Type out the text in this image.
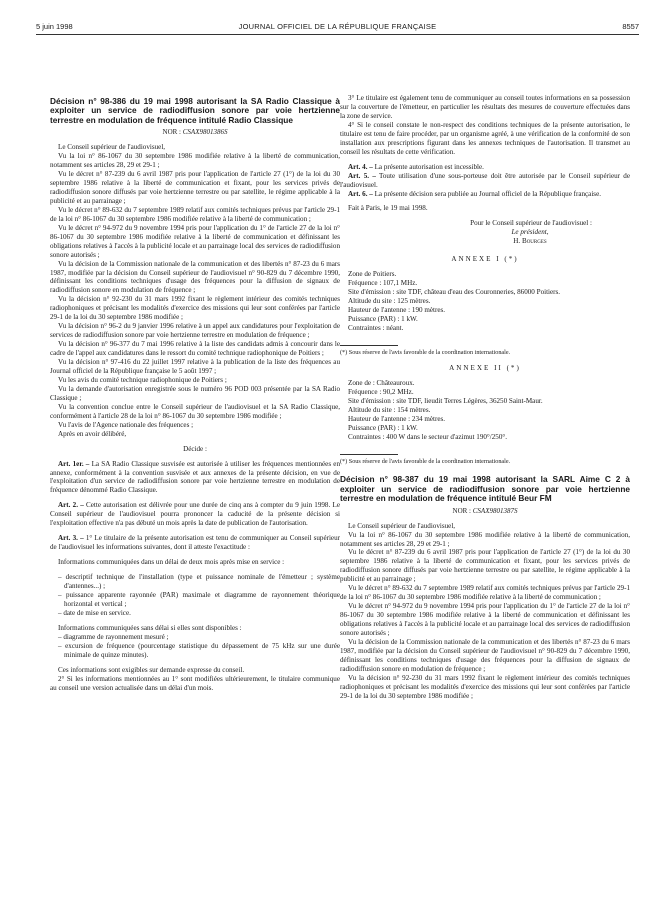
5 juin 1998	JOURNAL OFFICIEL DE LA RÉPUBLIQUE FRANÇAISE	8557

Décision n° 98-386 du 19 mai 1998 autorisant la SA Radio Classique à exploiter un service de radiodiffusion sonore par voie hertzienne terrestre en modulation de fréquence intitulé Radio Classique

NOR : CSAX9801386S

Le Conseil supérieur de l'audiovisuel,

Vu la loi n° 86-1067 du 30 septembre 1986 modifiée relative à la liberté de communication, notamment ses articles 28, 29 et 29-1 ;

Vu le décret n° 87-239 du 6 avril 1987 pris pour l'application de l'article 27 (1°) de la loi du 30 septembre 1986 relative à la liberté de communication et fixant, pour les services privés de radiodiffusion sonore diffusés par voie hertzienne terrestre ou par satellite, le régime applicable à la publicité et au parrainage ;

Vu le décret n° 89-632 du 7 septembre 1989 relatif aux comités techniques prévus par l'article 29-1 de la loi n° 86-1067 du 30 septembre 1986 modifiée relative à la liberté de communication ;

Vu le décret n° 94-972 du 9 novembre 1994 pris pour l'application du 1° de l'article 27 de la loi n° 86-1067 du 30 septembre 1986 modifiée relative à la liberté de communication et définissant les obligations relatives à l'accès à la publicité locale et au parrainage local des services de radiodiffusion sonore autorisés ;

Vu la décision de la Commission nationale de la communication et des libertés n° 87-23 du 6 mars 1987, modifiée par la décision du Conseil supérieur de l'audiovisuel n° 90-829 du 7 décembre 1990, définissant les conditions techniques d'usage des fréquences pour la diffusion de signaux de radiodiffusion sonore en modulation de fréquence ;

Vu la décision n° 92-230 du 31 mars 1992 fixant le règlement intérieur des comités techniques radiophoniques et précisant les modalités d'exercice des missions qui leur sont conférées par l'article 29-1 de la loi du 30 septembre 1986 modifiée ;

Vu la décision n° 96-2 du 9 janvier 1996 relative à un appel aux candidatures pour l'exploitation de services de radiodiffusion sonore par voie hertzienne terrestre en modulation de fréquence ;

Vu la décision n° 96-377 du 7 mai 1996 relative à la liste des candidats admis à concourir dans le cadre de l'appel aux candidatures dans le ressort du comité technique radiophonique de Poitiers ;

Vu la décision n° 97-416 du 22 juillet 1997 relative à la publication de la liste des fréquences au Journal officiel de la République française le 5 août 1997 ;

Vu les avis du comité technique radiophonique de Poitiers ;

Vu la demande d'autorisation enregistrée sous le numéro 96 POD 003 présentée par la SA Radio Classique ;

Vu la convention conclue entre le Conseil supérieur de l'audiovisuel et la SA Radio Classique, conformément à l'article 28 de la loi n° 86-1067 du 30 septembre 1986 modifiée ;

Vu l'avis de l'Agence nationale des fréquences ;

Après en avoir délibéré,

Décide :

Art. 1er. – La SA Radio Classique susvisée est autorisée à utiliser les fréquences mentionnées en annexe, conformément à la convention susvisée et aux annexes de la présente décision, en vue de l'exploitation d'un service de radiodiffusion sonore par voie hertzienne terrestre en modulation de fréquence dénommé Radio Classique.

Art. 2. – Cette autorisation est délivrée pour une durée de cinq ans à compter du 9 juin 1998. Le Conseil supérieur de l'audiovisuel pourra prononcer la caducité de la présente décision si l'exploitation effective n'a pas débuté un mois après la date de publication de l'autorisation.

Art. 3. – 1° Le titulaire de la présente autorisation est tenu de communiquer au Conseil supérieur de l'audiovisuel les informations suivantes, dont il atteste l'exactitude :

Informations communiquées dans un délai de deux mois après mise en service :

– descriptif technique de l'installation (type et puissance nominale de l'émetteur ; système d'antennes...) ;

– puissance apparente rayonnée (PAR) maximale et diagramme de rayonnement théorique horizontal et vertical ;

– date de mise en service.

Informations communiquées sans délai si elles sont disponibles :

– diagramme de rayonnement mesuré ;

– excursion de fréquence (pourcentage statistique du dépassement de 75 kHz sur une durée minimale de quinze minutes).

Ces informations sont exigibles sur demande expresse du conseil.

2° Si les informations mentionnées au 1° sont modifiées ultérieurement, le titulaire communique au conseil une version actualisée dans un délai d'un mois.

3° Le titulaire est également tenu de communiquer au conseil toutes informations en sa possession sur la couverture de l'émetteur, en particulier les résultats des mesures de couverture effectuées dans la zone de service.

4° Si le conseil constate le non-respect des conditions techniques de la présente autorisation, le titulaire est tenu de faire procéder, par un organisme agréé, à une vérification de la conformité de son installation aux prescriptions figurant dans les annexes techniques de l'autorisation. Il transmet au conseil les résultats de cette vérification.

Art. 4. – La présente autorisation est incessible.

Art. 5. – Toute utilisation d'une sous-porteuse doit être autorisée par le Conseil supérieur de l'audiovisuel.

Art. 6. – La présente décision sera publiée au Journal officiel de la République française.

Fait à Paris, le 19 mai 1998.

Pour le Conseil supérieur de l'audiovisuel :

Le président,

H. Bourges

ANNEXE I (*)

Zone de Poitiers.

Fréquence : 107,1 MHz.

Site d'émission : site TDF, château d'eau des Couronneries, 86000 Poitiers.

Altitude du site : 125 mètres.

Hauteur de l'antenne : 190 mètres.

Puissance (PAR) : 1 kW.

Contraintes : néant.

(*) Sous réserve de l'avis favorable de la coordination internationale.

ANNEXE II (*)

Zone de : Châteauroux.

Fréquence : 90,2 MHz.

Site d'émission : site TDF, lieudit Terres Légères, 36250 Saint-Maur.

Altitude du site : 154 mètres.

Hauteur de l'antenne : 234 mètres.

Puissance (PAR) : 1 kW.

Contraintes : 400 W dans le secteur d'azimut 190°/250°.

(*) Sous réserve de l'avis favorable de la coordination internationale.

Décision n° 98-387 du 19 mai 1998 autorisant la SARL Aime C 2 à exploiter un service de radiodiffusion sonore par voie hertzienne terrestre en modulation de fréquence intitulé Beur FM

NOR : CSAX9801387S

Le Conseil supérieur de l'audiovisuel,

Vu la loi n° 86-1067 du 30 septembre 1986 modifiée relative à la liberté de communication, notamment ses articles 28, 29 et 29-1 ;

Vu le décret n° 87-239 du 6 avril 1987 pris pour l'application de l'article 27 (1°) de la loi du 30 septembre 1986 relative à la liberté de communication et fixant, pour les services privés de radiodiffusion sonore diffusés par voie hertzienne terrestre ou par satellite, le régime applicable à la publicité et au parrainage ;

Vu le décret n° 89-632 du 7 septembre 1989 relatif aux comités techniques prévus par l'article 29-1 de la loi n° 86-1067 du 30 septembre 1986 modifiée relative à la liberté de communication ;

Vu le décret n° 94-972 du 9 novembre 1994 pris pour l'application du 1° de l'article 27 de la loi n° 86-1067 du 30 septembre 1986 modifiée relative à la liberté de communication et définissant les obligations relatives à l'accès à la publicité locale et au parrainage local des services de radiodiffusion sonore autorisés ;

Vu la décision de la Commission nationale de la communication et des libertés n° 87-23 du 6 mars 1987, modifiée par la décision du Conseil supérieur de l'audiovisuel n° 90-829 du 7 décembre 1990, définissant les conditions techniques d'usage des fréquences pour la diffusion de signaux de radiodiffusion sonore en modulation de fréquence ;

Vu la décision n° 92-230 du 31 mars 1992 fixant le règlement intérieur des comités techniques radiophoniques et précisant les modalités d'exercice des missions qui leur sont conférées par l'article 29-1 de la loi du 30 septembre 1986 modifiée ;
